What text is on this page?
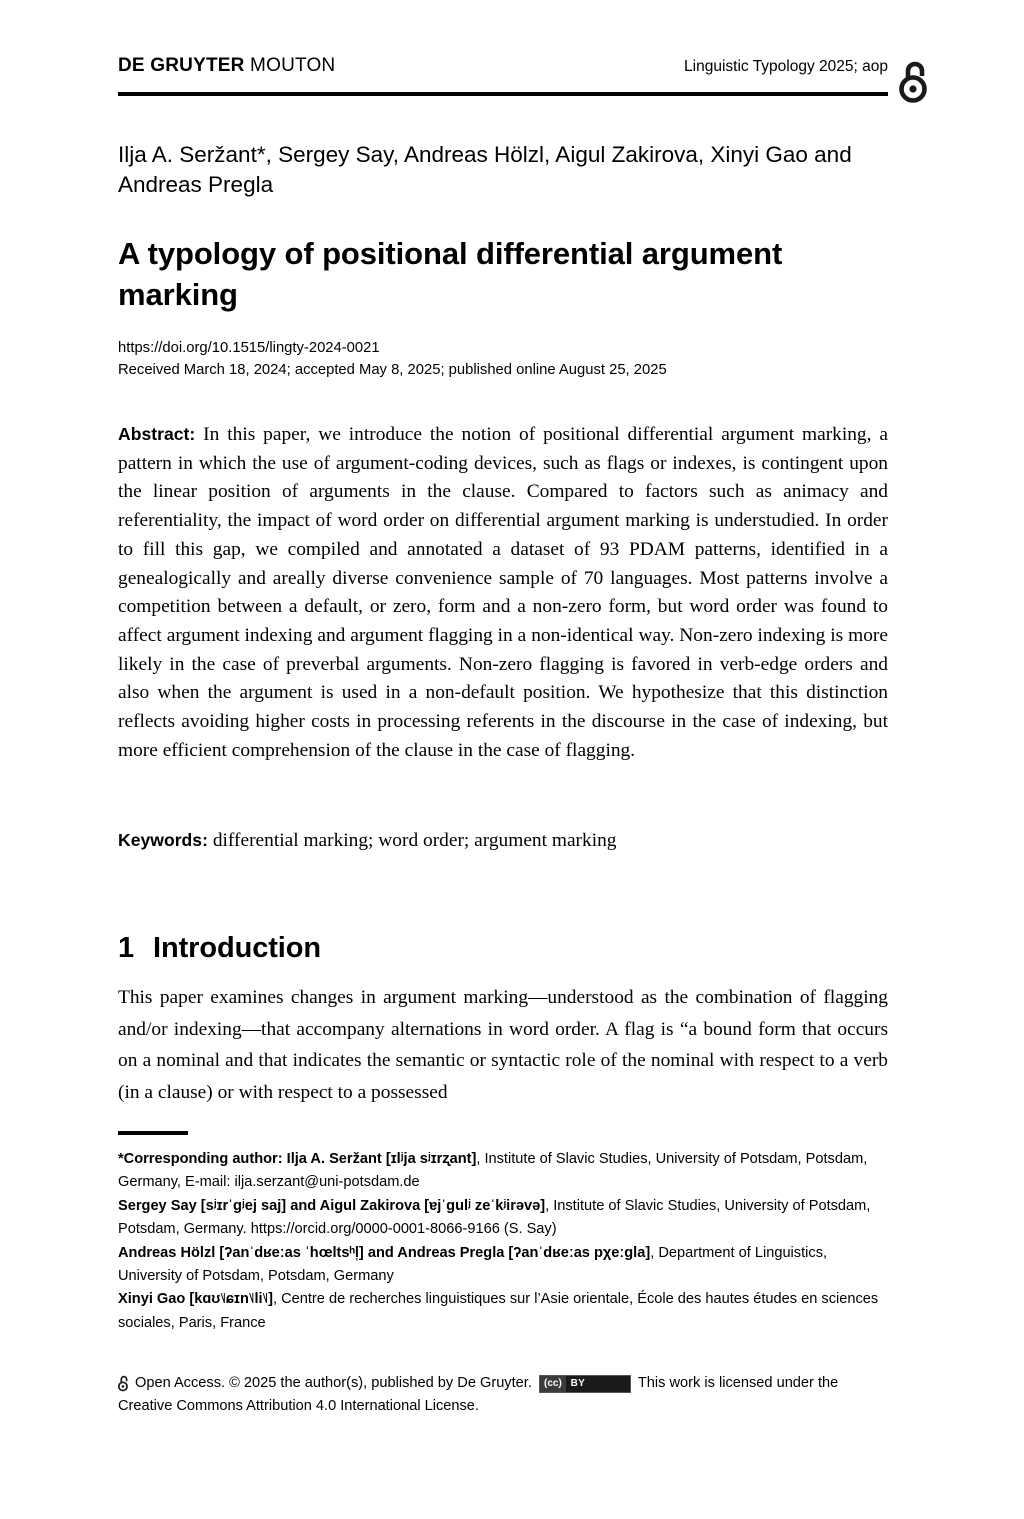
DE GRUYTER MOUTON	Linguistic Typology 2025; aop
Ilja A. Seržant*, Sergey Say, Andreas Hölzl, Aigul Zakirova, Xinyi Gao and Andreas Pregla
A typology of positional differential argument marking
https://doi.org/10.1515/lingty-2024-0021
Received March 18, 2024; accepted May 8, 2025; published online August 25, 2025
Abstract: In this paper, we introduce the notion of positional differential argument marking, a pattern in which the use of argument-coding devices, such as flags or indexes, is contingent upon the linear position of arguments in the clause. Compared to factors such as animacy and referentiality, the impact of word order on differential argument marking is understudied. In order to fill this gap, we compiled and annotated a dataset of 93 PDAM patterns, identified in a genealogically and areally diverse convenience sample of 70 languages. Most patterns involve a competition between a default, or zero, form and a non-zero form, but word order was found to affect argument indexing and argument flagging in a non-identical way. Non-zero indexing is more likely in the case of preverbal arguments. Non-zero flagging is favored in verb-edge orders and also when the argument is used in a non-default position. We hypothesize that this distinction reflects avoiding higher costs in processing referents in the discourse in the case of indexing, but more efficient comprehension of the clause in the case of flagging.
Keywords: differential marking; word order; argument marking
1 Introduction
This paper examines changes in argument marking—understood as the combination of flagging and/or indexing—that accompany alternations in word order. A flag is “a bound form that occurs on a nominal and that indicates the semantic or syntactic role of the nominal with respect to a verb (in a clause) or with respect to a possessed

*Corresponding author: Ilja A. Seržant [ɪlʲja sʲɪrʐant], Institute of Slavic Studies, University of Potsdam, Potsdam, Germany, E-mail: ilja.serzant@uni-potsdam.de

Sergey Say [sʲɪrˈɡʲej saj] and Aigul Zakirova [ɐjˈɡulʲ zeˈkʲirəvə], Institute of Slavic Studies, University of Potsdam, Potsdam, Germany. https://orcid.org/0000-0001-8066-9166 (S. Say)

Andreas Hölzl [ʔanˈdʁeːas ˈhœltsʰl̩] and Andreas Pregla [ʔanˈdʁeːas pχeːgla], Department of Linguistics, University of Potsdam, Potsdam, Germany

Xinyi Gao [kɑʊ˥˩ɕɪn˥˩li˥˩], Centre de recherches linguistiques sur l’Asie orientale, École des hautes études en sciences sociales, Paris, France

Open Access. © 2025 the author(s), published by De Gruyter.	(cc) BY	This work is licensed under the
Creative Commons Attribution 4.0 International License.
